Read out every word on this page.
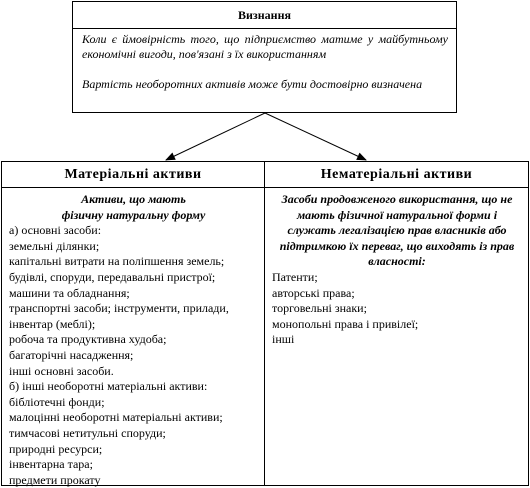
Визнання

Коли є ймовірність того, що підприємство матиме у майбутньому економічні вигоди, пов'язані з їх використанням

Вартість необоротних активів може бути достовірно визначена

Матеріальні активи

Активи, що мають
фізичну натуральну форму

а) основні засоби:
земельні ділянки;
капітальні витрати на поліпшення земель;
будівлі, споруди, передавальні пристрої;
машини та обладнання;
транспортні засоби; інструменти, прилади,
інвентар (меблі);
робоча та продуктивна худоба;
багаторічні насадження;
інші основні засоби.
б) інші необоротні матеріальні активи:
бібліотечні фонди;
малоцінні необоротні матеріальні активи;
тимчасові нетитульні споруди;
природні ресурси;
інвентарна тара;
предмети прокату
Нематеріальні активи

Засоби продовженого використання, що не мають фізичної натуральної форми і служать легалізацією прав власників або підтримкою їх переваг, що виходять із прав власності:

Патенти;
авторські права;
торговельні знаки;
монопольні права і привілеї;
інші
